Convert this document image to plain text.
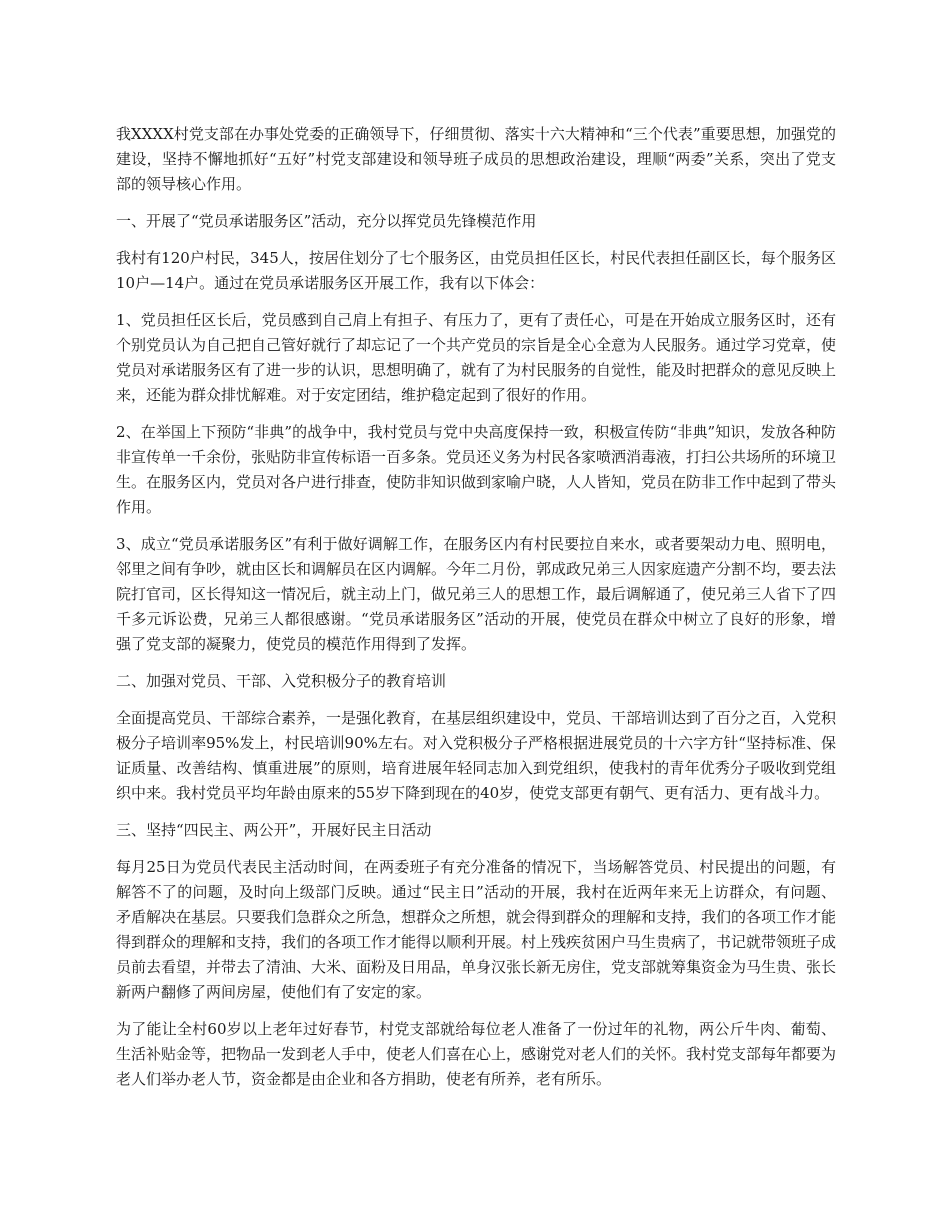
我XXXX村党支部在办事处党委的正确领导下，仔细贯彻、落实十六大精神和“三个代表”重要思想，加强党的建设，坚持不懈地抓好“五好”村党支部建设和领导班子成员的思想政治建设，理顺“两委”关系，突出了党支部的领导核心作用。

一、开展了“党员承诺服务区”活动，充分以挥党员先锋模范作用

我村有120户村民，345人，按居住划分了七个服务区，由党员担任区长，村民代表担任副区长，每个服务区10户—14户。通过在党员承诺服务区开展工作，我有以下体会：

1、党员担任区长后，党员感到自己肩上有担子、有压力了，更有了责任心，可是在开始成立服务区时，还有个别党员认为自己把自己管好就行了却忘记了一个共产党员的宗旨是全心全意为人民服务。通过学习党章，使党员对承诺服务区有了进一步的认识，思想明确了，就有了为村民服务的自觉性，能及时把群众的意见反映上来，还能为群众排忧解难。对于安定团结，维护稳定起到了很好的作用。

2、在举国上下预防“非典”的战争中，我村党员与党中央高度保持一致，积极宣传防“非典”知识，发放各种防非宣传单一千余份，张贴防非宣传标语一百多条。党员还义务为村民各家喷洒消毒液，打扫公共场所的环境卫生。在服务区内，党员对各户进行排查，使防非知识做到家喻户晓，人人皆知，党员在防非工作中起到了带头作用。

3、成立“党员承诺服务区”有利于做好调解工作，在服务区内有村民要拉自来水，或者要架动力电、照明电，邻里之间有争吵，就由区长和调解员在区内调解。今年二月份，郭成政兄弟三人因家庭遗产分割不均，要去法院打官司，区长得知这一情况后，就主动上门，做兄弟三人的思想工作，最后调解通了，使兄弟三人省下了四千多元诉讼费，兄弟三人都很感谢。“党员承诺服务区”活动的开展，使党员在群众中树立了良好的形象，增强了党支部的凝聚力，使党员的模范作用得到了发挥。

二、加强对党员、干部、入党积极分子的教育培训

全面提高党员、干部综合素养，一是强化教育，在基层组织建设中，党员、干部培训达到了百分之百，入党积极分子培训率95%发上，村民培训90%左右。对入党积极分子严格根据进展党员的十六字方针“坚持标准、保证质量、改善结构、慎重进展”的原则，培育进展年轻同志加入到党组织，使我村的青年优秀分子吸收到党组织中来。我村党员平均年龄由原来的55岁下降到现在的40岁，使党支部更有朝气、更有活力、更有战斗力。

三、坚持“四民主、两公开”，开展好民主日活动

每月25日为党员代表民主活动时间，在两委班子有充分准备的情况下，当场解答党员、村民提出的问题，有解答不了的问题，及时向上级部门反映。通过“民主日”活动的开展，我村在近两年来无上访群众，有问题、矛盾解决在基层。只要我们急群众之所急，想群众之所想，就会得到群众的理解和支持，我们的各项工作才能得到群众的理解和支持，我们的各项工作才能得以顺利开展。村上残疾贫困户马生贵病了，书记就带领班子成员前去看望，并带去了清油、大米、面粉及日用品，单身汉张长新无房住，党支部就筹集资金为马生贵、张长新两户翻修了两间房屋，使他们有了安定的家。

为了能让全村60岁以上老年过好春节，村党支部就给每位老人准备了一份过年的礼物，两公斤牛肉、葡萄、生活补贴金等，把物品一发到老人手中，使老人们喜在心上，感谢党对老人们的关怀。我村党支部每年都要为老人们举办老人节，资金都是由企业和各方捐助，使老有所养，老有所乐。
